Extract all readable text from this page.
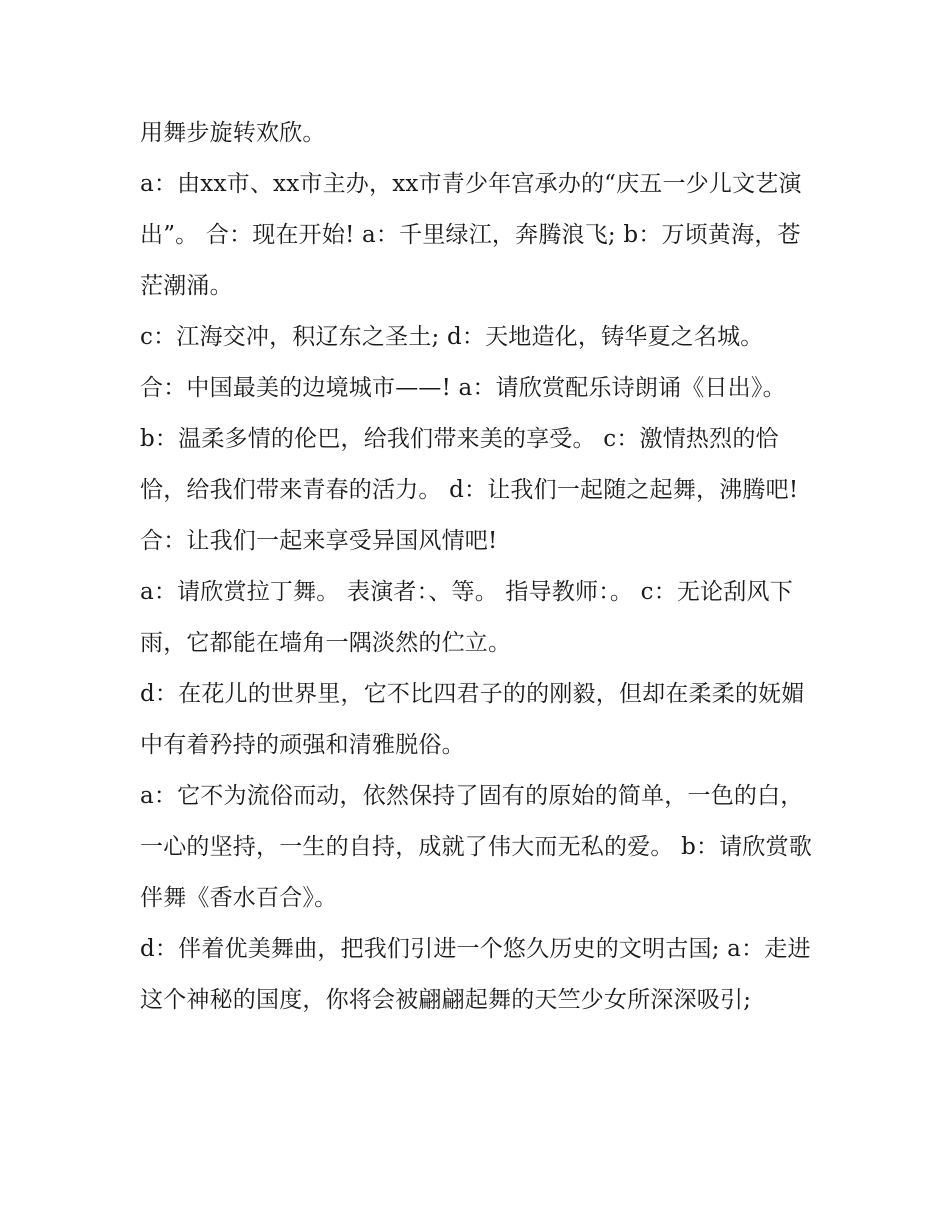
用舞步旋转欢欣。

a：由xx市、xx市主办，xx市青少年宫承办的“庆五一少儿文艺演出”。 合：现在开始! a：千里绿江，奔腾浪飞; b：万顷黄海，苍茫潮涌。

c：江海交冲，积辽东之圣土; d：天地造化，铸华夏之名城。

合：中国最美的边境城市——! a：请欣赏配乐诗朗诵《日出》。

b：温柔多情的伦巴，给我们带来美的享受。 c：激情热烈的恰恰，给我们带来青春的活力。 d：让我们一起随之起舞，沸腾吧! 合：让我们一起来享受异国风情吧!

a：请欣赏拉丁舞。 表演者：、等。 指导教师：。 c：无论刮风下雨，它都能在墙角一隅淡然的伫立。

d：在花儿的世界里，它不比四君子的的刚毅，但却在柔柔的妩媚中有着矜持的顽强和清雅脱俗。

a：它不为流俗而动，依然保持了固有的原始的简单，一色的白，一心的坚持，一生的自持，成就了伟大而无私的爱。 b：请欣赏歌伴舞《香水百合》。

d：伴着优美舞曲，把我们引进一个悠久历史的文明古国; a：走进这个神秘的国度，你将会被翩翩起舞的天竺少女所深深吸引;
